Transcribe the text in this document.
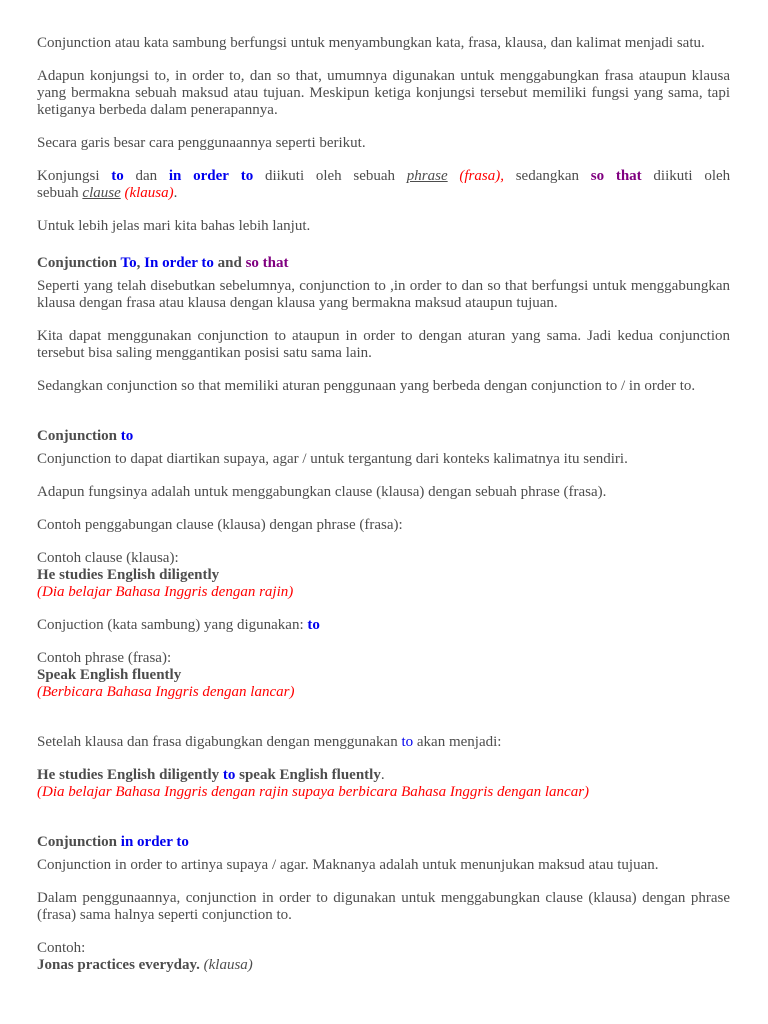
Conjunction atau kata sambung berfungsi untuk menyambungkan kata, frasa, klausa, dan kalimat menjadi satu.

Adapun konjungsi to, in order to, dan so that, umumnya digunakan untuk menggabungkan frasa ataupun klausa yang bermakna sebuah maksud atau tujuan. Meskipun ketiga konjungsi tersebut memiliki fungsi yang sama, tapi ketiganya berbeda dalam penerapannya.

Secara garis besar cara penggunaannya seperti berikut.

Konjungsi to dan in order to diikuti oleh sebuah phrase (frasa), sedangkan so that diikuti oleh
sebuah clause (klausa).

Untuk lebih jelas mari kita bahas lebih lanjut.

Conjunction To, In order to and so that

Seperti yang telah disebutkan sebelumnya, conjunction to ,in order to dan so that berfungsi untuk menggabungkan klausa dengan frasa atau klausa dengan klausa yang bermakna maksud ataupun tujuan.

Kita dapat menggunakan conjunction to ataupun in order to dengan aturan yang sama. Jadi kedua conjunction tersebut bisa saling menggantikan posisi satu sama lain.

Sedangkan conjunction so that memiliki aturan penggunaan yang berbeda dengan conjunction to / in order to.

Conjunction to

Conjunction to dapat diartikan supaya, agar / untuk tergantung dari konteks kalimatnya itu sendiri.

Adapun fungsinya adalah untuk menggabungkan clause (klausa) dengan sebuah phrase (frasa).

Contoh penggabungan clause (klausa) dengan phrase (frasa):

Contoh clause (klausa):
He studies English diligently
(Dia belajar Bahasa Inggris dengan rajin)

Conjuction (kata sambung) yang digunakan: to

Contoh phrase (frasa):
Speak English fluently
(Berbicara Bahasa Inggris dengan lancar)

Setelah klausa dan frasa digabungkan dengan menggunakan to akan menjadi:

He studies English diligently to speak English fluently.
(Dia belajar Bahasa Inggris dengan rajin supaya berbicara Bahasa Inggris dengan lancar)

Conjunction in order to

Conjunction in order to artinya supaya / agar. Maknanya adalah untuk menunjukan maksud atau tujuan.

Dalam penggunaannya, conjunction in order to digunakan untuk menggabungkan clause (klausa) dengan phrase (frasa) sama halnya seperti conjunction to.

Contoh:
Jonas practices everyday. (klausa)
